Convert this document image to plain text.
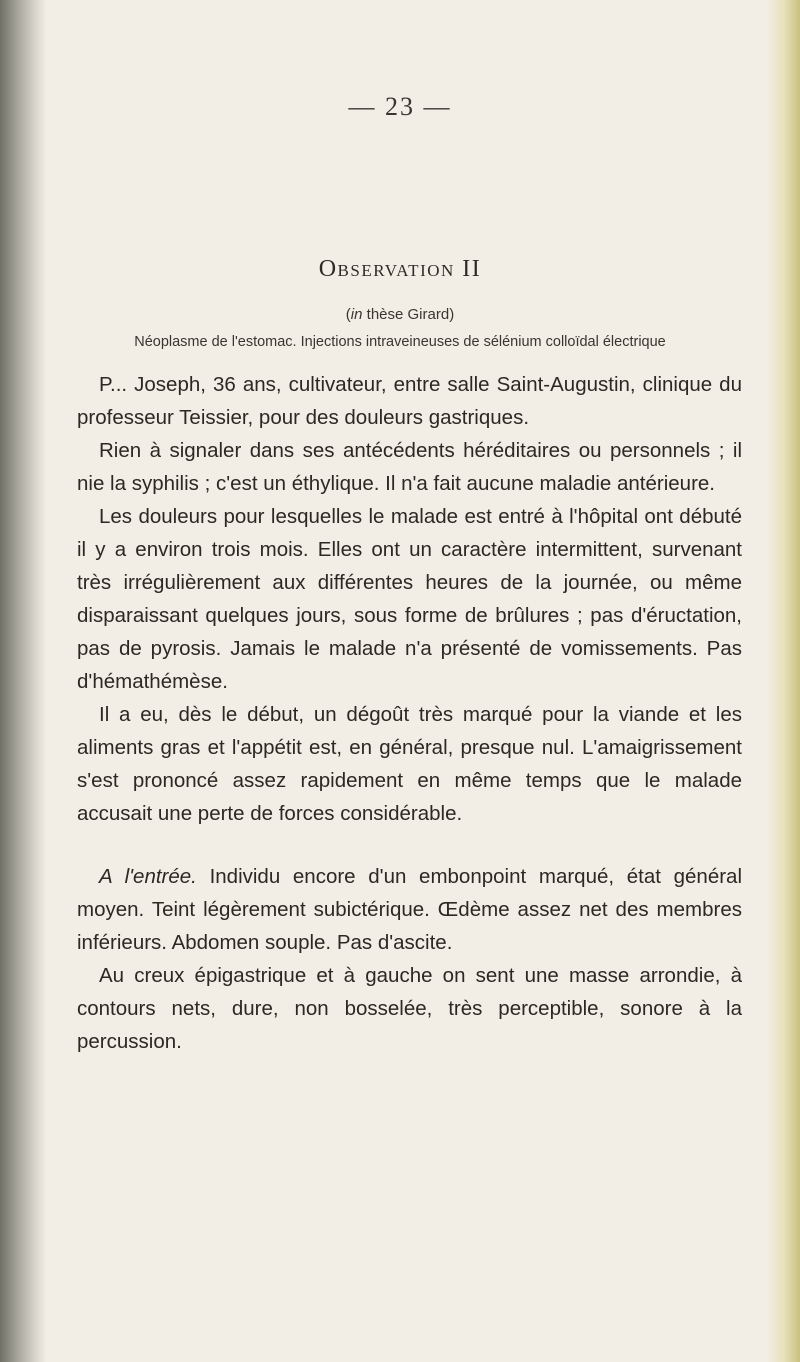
— 23 —
Observation II
(in thèse Girard)
Néoplasme de l'estomac. Injections intraveineuses de sélénium colloïdal électrique

P... Joseph, 36 ans, cultivateur, entre salle Saint-Augustin, clinique du professeur Teissier, pour des douleurs gastriques.

Rien à signaler dans ses antécédents héréditaires ou personnels ; il nie la syphilis ; c'est un éthylique. Il n'a fait aucune maladie antérieure.

Les douleurs pour lesquelles le malade est entré à l'hôpital ont débuté il y a environ trois mois. Elles ont un caractère intermittent, survenant très irrégulièrement aux différentes heures de la journée, ou même disparaissant quelques jours, sous forme de brûlures ; pas d'éructation, pas de pyrosis. Jamais le malade n'a présenté de vomissements. Pas d'hémathémèse.

Il a eu, dès le début, un dégoût très marqué pour la viande et les aliments gras et l'appétit est, en général, presque nul. L'amaigrissement s'est prononcé assez rapidement en même temps que le malade accusait une perte de forces considérable.

A l'entrée. Individu encore d'un embonpoint marqué, état général moyen. Teint légèrement subictérique. Œdème assez net des membres inférieurs. Abdomen souple. Pas d'ascite.

Au creux épigastrique et à gauche on sent une masse arrondie, à contours nets, dure, non bosselée, très perceptible, sonore à la percussion.
